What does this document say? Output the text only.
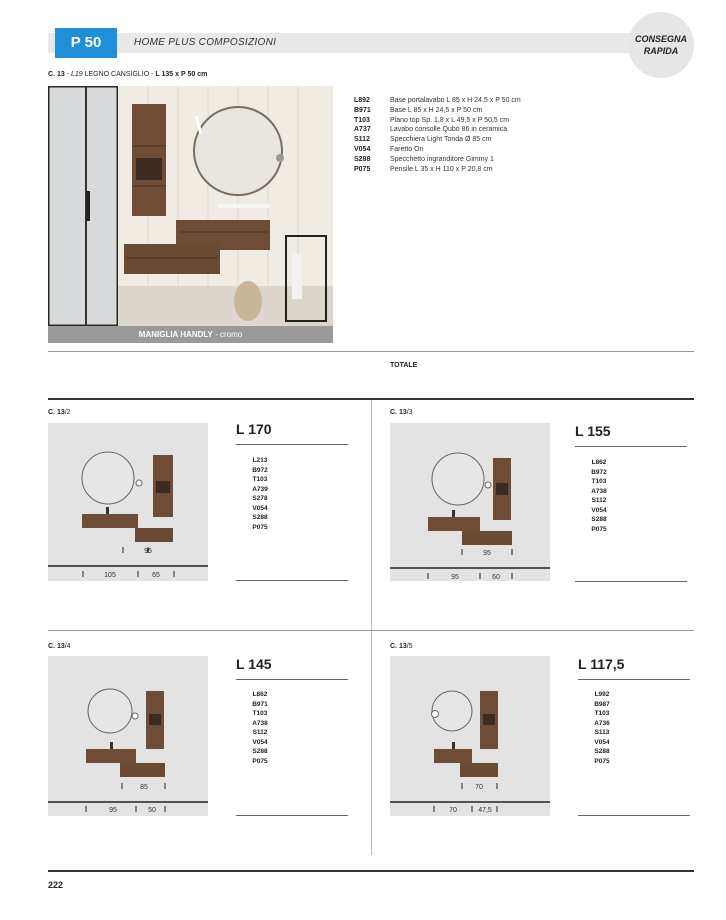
P 50	HOME PLUS COMPOSIZIONI	CONSEGNA
RAPIDA
C. 13 - L19 LEGNO CANSIGLIO - L 135 x P 50 cm
MANIGLIA HANDLY - cromo
L892	Base portalavabo L 85 x H 24,5 x P 50 cm
B971	Base L 85 x H 24,5 x P 50 cm
T103	Piano top Sp. 1,8 x L 49,5 x P 50,5 cm
A737	Lavabo consolle Qubo 86 in ceramica
S112	Specchiera Light Tonda Ø 85 cm
V054	Faretto On
S288	Specchetto ingranditore Gimmy 1
P075	Pensile L 35 x H 110 x P 20,8 cm
TOTALE
C. 13/2
95
105	65
L 170
L213
B972
T103
A739
S278
V054
S288
P075
C. 13/3
95
95	60
L 155
L862
B972
T103
A738
S112
V054
S288
P075
C. 13/4
85
95	50
L 145
L862
B971
T103
A738
S112
V054
S288
P075
C. 13/5
70
70	47,5
L 117,5
L992
B987
T103
A736
S113
V054
S288
P075
222
